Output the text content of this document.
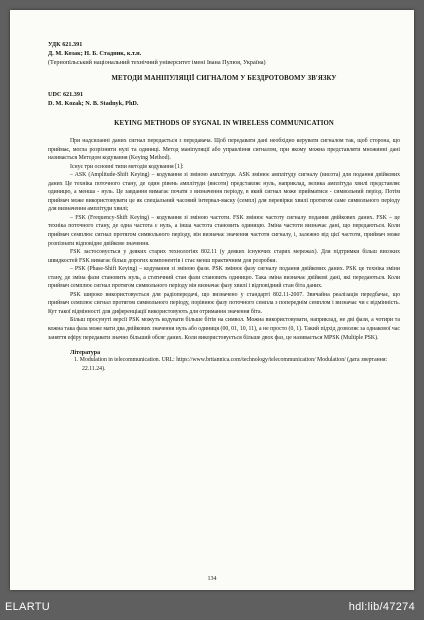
УДК 621.391
Д. М. Козак; Н. Б. Стадник, к.т.н.
(Тернопільський національний технічний університет імені Івана Пулюя, Україна)
МЕТОДИ МАНІПУЛЯЦІЇ СИГНАЛОМ У БЕЗДРОТОВОМУ ЗВ'ЯЗКУ
UDC 621.391
D. M. Kozak; N. B. Stadnyk, PhD.
KEYING METHODS OF SYGNAL IN WIRELESS COMMUNICATION

При надсиланні даних сигнал передається з передавача. Щоб передавати дані необхідно керувати сигналом так, щоб сторона, що приймає, могла розрізнити нулі та одиниці. Метод маніпуляції або управління сигналом, при якому можна представляти множинні дані називається Методом кодування (Keying Method).

Існує три основні типи методів кодування [1]:

– ASK (Amplitude-Shift Keying) – кодування зі зміною амплітуди. ASK змінює амплітуду сигналу (висота) для подання двійкових даних Це техніка поточного стану, де один рівень амплітуди (висоти) представляє нуль, наприклад, велика амплітуда хвилі представляє одиницю, а менша - нуль. Це завдання вимагає почати з визначення періоду, в який сигнал може прийматися - символьний період. Потім приймач може використовувати це як спеціальний часовий інтервал-маску (семпл) для перевірки хвилі протягом саме символьного періоду для визначення амплітуди хвилі;

– FSK (Frequency-Shift Keying) – кодування зі зміною частоти. FSK змінює частоту сигналу подання двійкових даних. FSK – це техніка поточного стану, де одна частота є нуль, а інша частота становить одиницю. Зміна частоти визначає дані, що передаються. Коли приймач семплює сигнал протягом символьного періоду, він визначає значення частоти сигналу, і, залежно від цієї частоти, приймач може розпізнати відповідне двійкове значення.

FSK застосовується у деяких старих технологіях 802.11 (у деяких існуючих старих мережах). Для підтримки більш високих швидкостей FSK вимагає більш дорогих компонентів і стає менш практичним для розробки.

– PSK (Phase-Shift Keying) – кодування зі зміною фази. PSK змінює фазу сигналу подання двійкових даних. PSK це техніка зміни стану, де зміна фази становить нуль, а статичний стан фази становить одиницю. Така зміна визначає двійкові дані, які передаються. Коли приймач семплює сигнал протягом символьного періоду він визначає фазу хвилі і відповідний стан біта даних.

PSK широко використовується для радіопередачі, що визначено у стандарті 802.11-2007. Звичайна реалізація передбачає, що приймач семплює сигнал протягом символьного періоду, порівнює фазу поточного семпла з попереднім семплом і визначає чи є відмінність. Кут такої відмінності для диференціації використовують для отримання значення біта.

Більш просунуті версії PSK можуть кодувати більше бітів на символ. Можна використовувати, наприклад, не дві фази, а чотири та кожна така фаза може мати два двійкових значення нуль або одиниця (00, 01, 10, 11), а не просто (0, 1). Такий підхід дозволяє за однакової час заняття ефіру передавати значно більший обсяг даних. Коли використовується більше двох фаз, це називається MPSK (Multiple PSK).

Література
1. Modulation in telecommunication. URL: https://www.britannica.com/technology/telecommunication/ Modulation/ (дата звертання: 22.11.24).
134
ELARTU	hdl:lib/47274
